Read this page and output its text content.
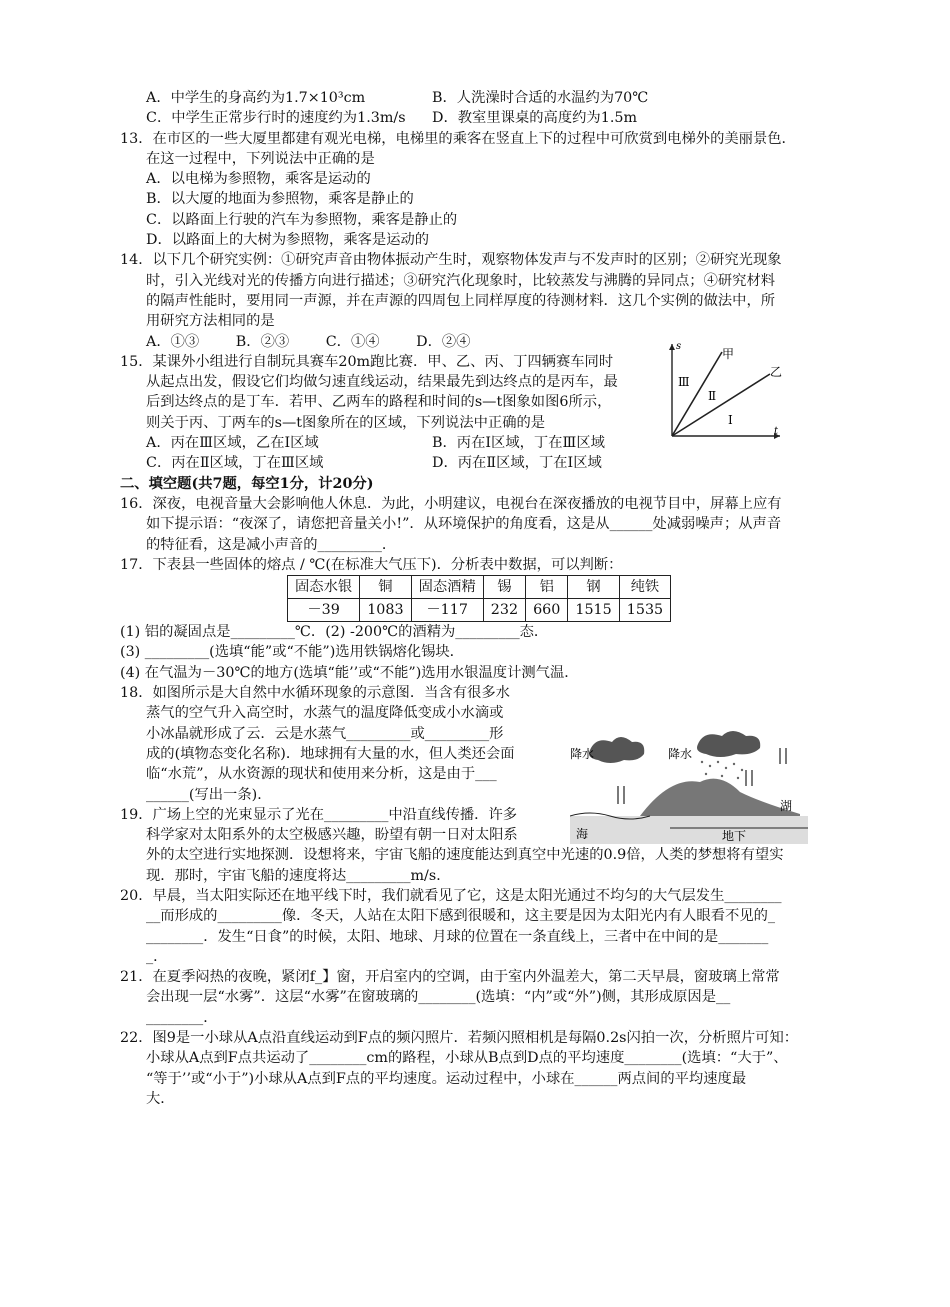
A．中学生的身高约为1.7×10³cm	B．人洗澡时合适的水温约为70℃
C．中学生正常步行时的速度约为1.3m/s	D．教室里课桌的高度约为1.5m
13．在市区的一些大厦里都建有观光电梯，电梯里的乘客在竖直上下的过程中可欣赏到电梯外的美丽景色．
在这一过程中，下列说法中正确的是
A．以电梯为参照物，乘客是运动的
B．以大厦的地面为参照物，乘客是静止的
C．以路面上行驶的汽车为参照物，乘客是静止的
D．以路面上的大树为参照物，乘客是运动的
14．以下几个研究实例：①研究声音由物体振动产生时，观察物体发声与不发声时的区别；②研究光现象
时，引入光线对光的传播方向进行描述；③研究汽化现象时，比较蒸发与沸腾的异同点；④研究材料
的隔声性能时，要用同一声源，并在声源的四周包上同样厚度的待测材料．这几个实例的做法中，所
用研究方法相同的是
A．①③	B．②③	C．①④	D．②④
15．某课外小组进行自制玩具赛车20m跑比赛．甲、乙、丙、丁四辆赛车同时
从起点出发，假设它们均做匀速直线运动，结果最先到达终点的是丙车，最
后到达终点的是丁车．若甲、乙两车的路程和时间的s—t图象如图6所示，
则关于丙、丁两车的s—t图象所在的区域，下列说法中正确的是
A．丙在Ⅲ区域，乙在Ⅰ区域	B．丙在Ⅰ区域，丁在Ⅲ区域
C．丙在Ⅱ区域，丁在Ⅲ区域	D．丙在Ⅱ区域，丁在Ⅰ区域
二、填空题(共7题，每空1分，计20分)
16．深夜，电视音量大会影响他人休息．为此，小明建议，电视台在深夜播放的电视节目中，屏幕上应有
如下提示语：“夜深了，请您把音量关小!”．从环境保护的角度看，这是从______处减弱噪声；从声音
的特征看，这是减小声音的_________．
17．下表县一些固体的熔点 / ℃(在标准大气压下)．分析表中数据，可以判断：
固态水银	铜	固态酒精	锡	铝	钢	纯铁
－39	1083	－117	232	660	1515	1535
(1) 铝的凝固点是_________℃．(2) -200℃的酒精为_________态．
(3) _________(选填“能”或“不能”)选用铁锅熔化锡块．
(4) 在气温为－30℃的地方(选填“能’’或“不能”)选用水银温度计测气温．
18．如图所示是大自然中水循环现象的示意图．当含有很多水
蒸气的空气升入高空时，水蒸气的温度降低变成小水滴或
小冰晶就形成了云．云是水蒸气_________或_________形
成的(填物态变化名称)．地球拥有大量的水，但人类还会面
临“水荒”，从水资源的现状和使用来分析，这是由于___
______(写出一条)．
19．广场上空的光束显示了光在_________中沿直线传播．许多
科学家对太阳系外的太空极感兴趣，盼望有朝一日对太阳系
外的太空进行实地探测．设想将来，宇宙飞船的速度能达到真空中光速的0.9倍，人类的梦想将有望实
现．那时，宇宙飞船的速度将达_________m/s．
20．早晨，当太阳实际还在地平线下时，我们就看见了它，这是太阳光通过不均匀的大气层发生________
__而形成的_________像．冬天，人站在太阳下感到很暖和，这主要是因为太阳光内有人眼看不见的_
________．发生“日食”的时候，太阳、地球、月球的位置在一条直线上，三者中在中间的是_______
_．
21．在夏季闷热的夜晚，紧闭f_】窗，开启室内的空调，由于室内外温差大，第二天早晨，窗玻璃上常常
会出现一层“水雾”．这层“水雾”在窗玻璃的________(选填：“内”或“外”)侧，其形成原因是__
________．
22．图9是一小球从A点沿直线运动到F点的频闪照片．若频闪照相机是每隔0.2s闪拍一次，分析照片可知：
小球从A点到F点共运动了________cm的路程，小球从B点到D点的平均速度________(选填：“大于”、
“等于’’或“小于”)小球从A点到F点的平均速度。运动过程中，小球在______两点间的平均速度最
大．
s
t
甲
乙
Ⅲ
Ⅱ
Ⅰ
降水	降水
湖
地下
海
